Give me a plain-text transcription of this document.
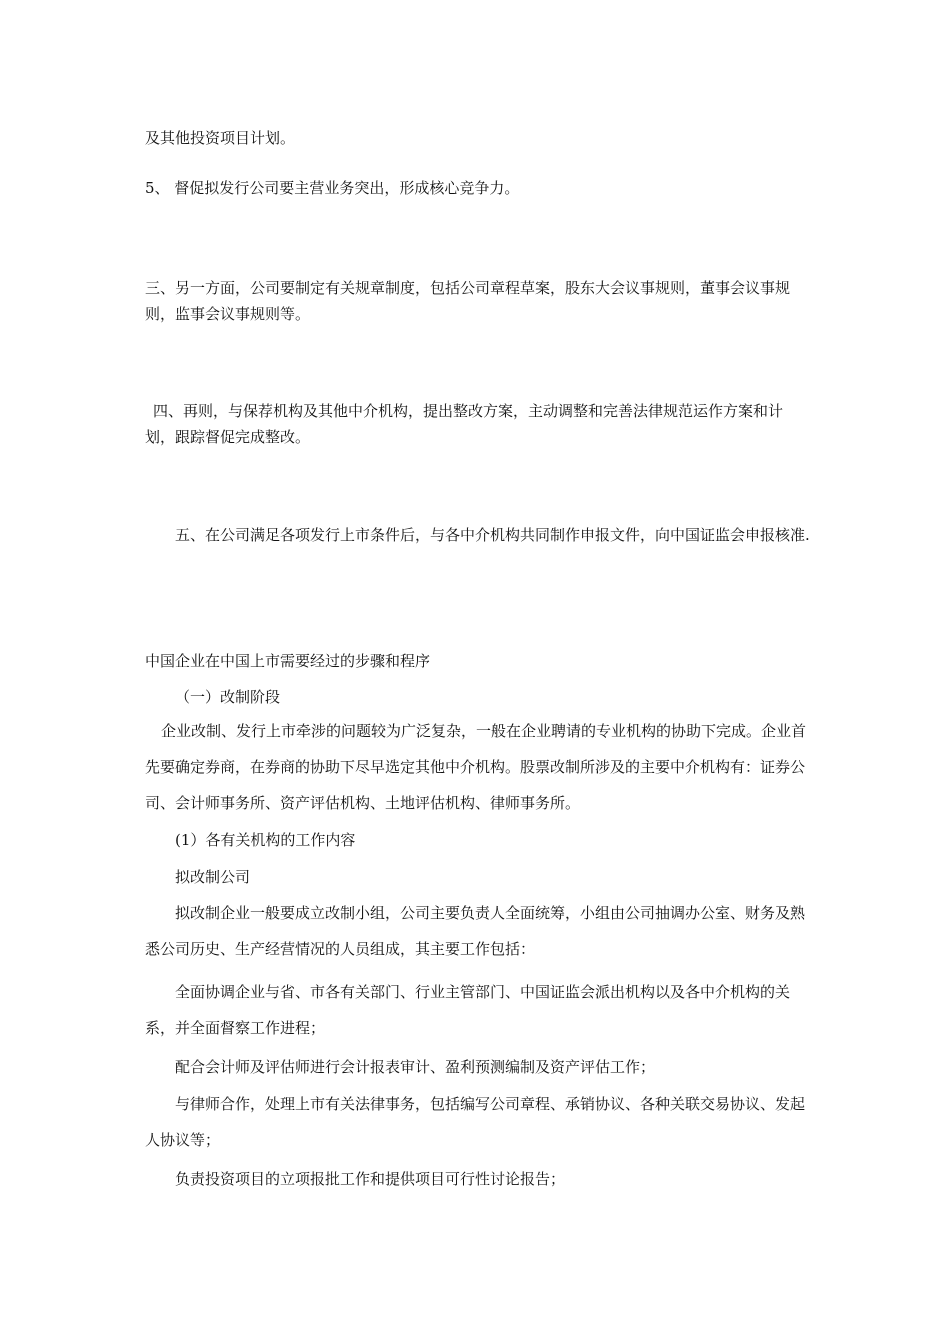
及其他投资项目计划。

5、 督促拟发行公司要主营业务突出，形成核心竞争力。

三、另一方面，公司要制定有关规章制度，包括公司章程草案，股东大会议事规则，董事会议事规则，监事会议事规则等。

四、再则，与保荐机构及其他中介机构，提出整改方案，主动调整和完善法律规范运作方案和计划，跟踪督促完成整改。

五、在公司满足各项发行上市条件后，与各中介机构共同制作申报文件，向中国证监会申报核准.

中国企业在中国上市需要经过的步骤和程序

（一）改制阶段

企业改制、发行上市牵涉的问题较为广泛复杂，一般在企业聘请的专业机构的协助下完成。企业首先要确定券商，在券商的协助下尽早选定其他中介机构。股票改制所涉及的主要中介机构有：证券公司、会计师事务所、资产评估机构、土地评估机构、律师事务所。

(1）各有关机构的工作内容

拟改制公司

拟改制企业一般要成立改制小组，公司主要负责人全面统筹，小组由公司抽调办公室、财务及熟悉公司历史、生产经营情况的人员组成，其主要工作包括：

全面协调企业与省、市各有关部门、行业主管部门、中国证监会派出机构以及各中介机构的关系，并全面督察工作进程；

配合会计师及评估师进行会计报表审计、盈利预测编制及资产评估工作；

与律师合作，处理上市有关法律事务，包括编写公司章程、承销协议、各种关联交易协议、发起人协议等；

负责投资项目的立项报批工作和提供项目可行性讨论报告；
